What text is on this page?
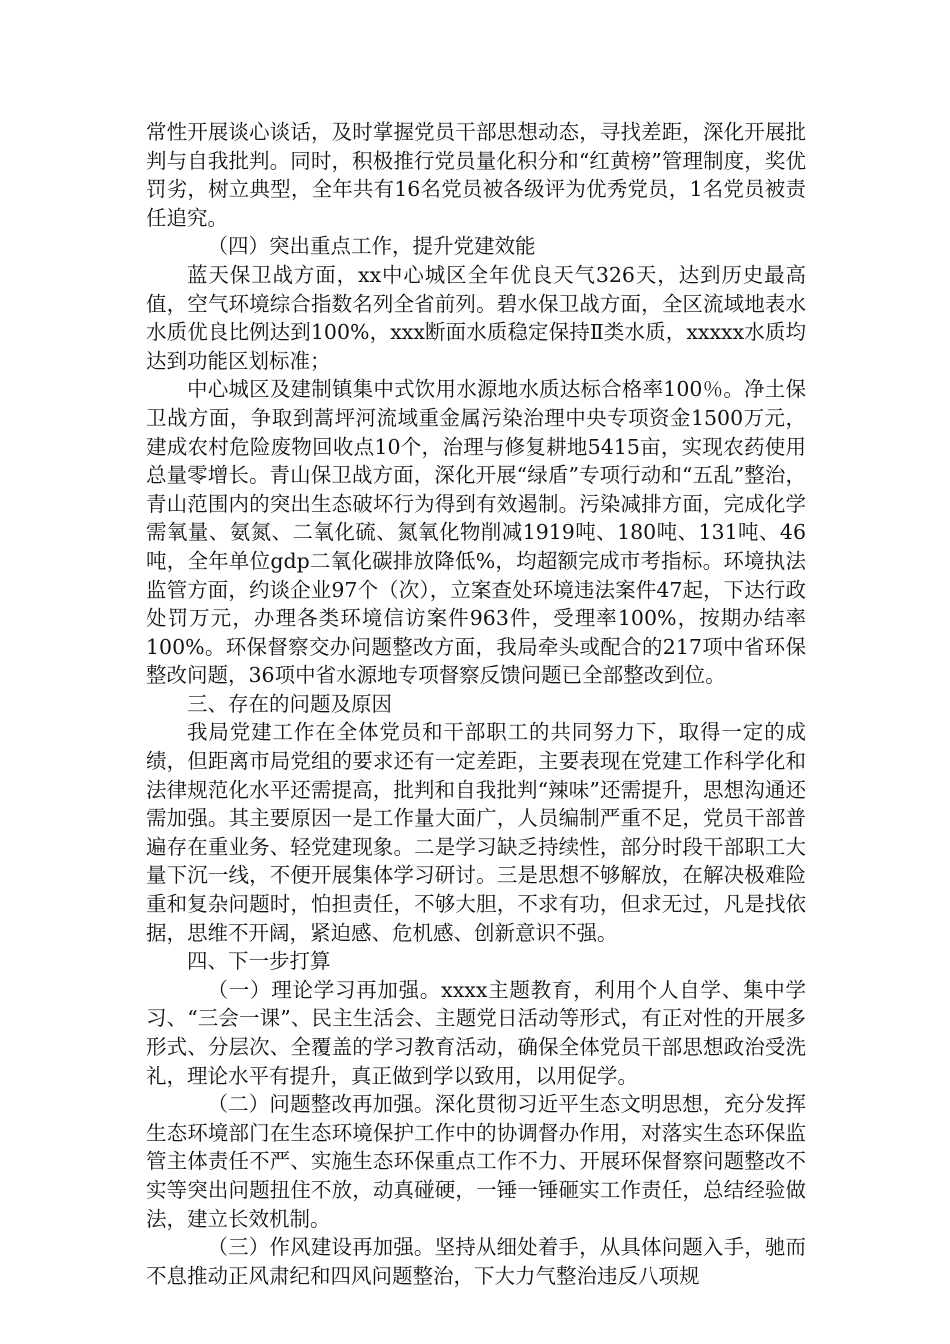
常性开展谈心谈话，及时掌握党员干部思想动态，寻找差距，深化开展批判与自我批判。同时，积极推行党员量化积分和“红黄榜”管理制度，奖优罚劣，树立典型，全年共有16名党员被各级评为优秀党员，1名党员被责任追究。

（四）突出重点工作，提升党建效能

蓝天保卫战方面，xx中心城区全年优良天气326天，达到历史最高值，空气环境综合指数名列全省前列。碧水保卫战方面，全区流域地表水水质优良比例达到100%，xxx断面水质稳定保持Ⅱ类水质，xxxxx水质均达到功能区划标准；

中心城区及建制镇集中式饮用水源地水质达标合格率100％。净土保卫战方面，争取到蒿坪河流域重金属污染治理中央专项资金1500万元，建成农村危险废物回收点10个，治理与修复耕地5415亩，实现农药使用总量零增长。青山保卫战方面，深化开展“绿盾”专项行动和“五乱”整治，青山范围内的突出生态破坏行为得到有效遏制。污染减排方面，完成化学需氧量、氨氮、二氧化硫、氮氧化物削减1919吨、180吨、131吨、46吨，全年单位gdp二氧化碳排放降低%，均超额完成市考指标。环境执法监管方面，约谈企业97个（次），立案查处环境违法案件47起，下达行政处罚万元，办理各类环境信访案件963件，受理率100%，按期办结率100%。环保督察交办问题整改方面，我局牵头或配合的217项中省环保整改问题，36项中省水源地专项督察反馈问题已全部整改到位。

三、存在的问题及原因

我局党建工作在全体党员和干部职工的共同努力下，取得一定的成绩，但距离市局党组的要求还有一定差距，主要表现在党建工作科学化和法律规范化水平还需提高，批判和自我批判“辣味”还需提升，思想沟通还需加强。其主要原因一是工作量大面广，人员编制严重不足，党员干部普遍存在重业务、轻党建现象。二是学习缺乏持续性，部分时段干部职工大量下沉一线，不便开展集体学习研讨。三是思想不够解放，在解决极难险重和复杂问题时，怕担责任，不够大胆，不求有功，但求无过，凡是找依据，思维不开阔，紧迫感、危机感、创新意识不强。

四、下一步打算

（一）理论学习再加强。xxxx主题教育，利用个人自学、集中学习、“三会一课”、民主生活会、主题党日活动等形式，有正对性的开展多形式、分层次、全覆盖的学习教育活动，确保全体党员干部思想政治受洗礼，理论水平有提升，真正做到学以致用，以用促学。

（二）问题整改再加强。深化贯彻习近平生态文明思想，充分发挥生态环境部门在生态环境保护工作中的协调督办作用，对落实生态环保监管主体责任不严、实施生态环保重点工作不力、开展环保督察问题整改不实等突出问题扭住不放，动真碰硬，一锤一锤砸实工作责任，总结经验做法，建立长效机制。

（三）作风建设再加强。坚持从细处着手，从具体问题入手，驰而不息推动正风肃纪和四风问题整治，下大力气整治违反八项规
